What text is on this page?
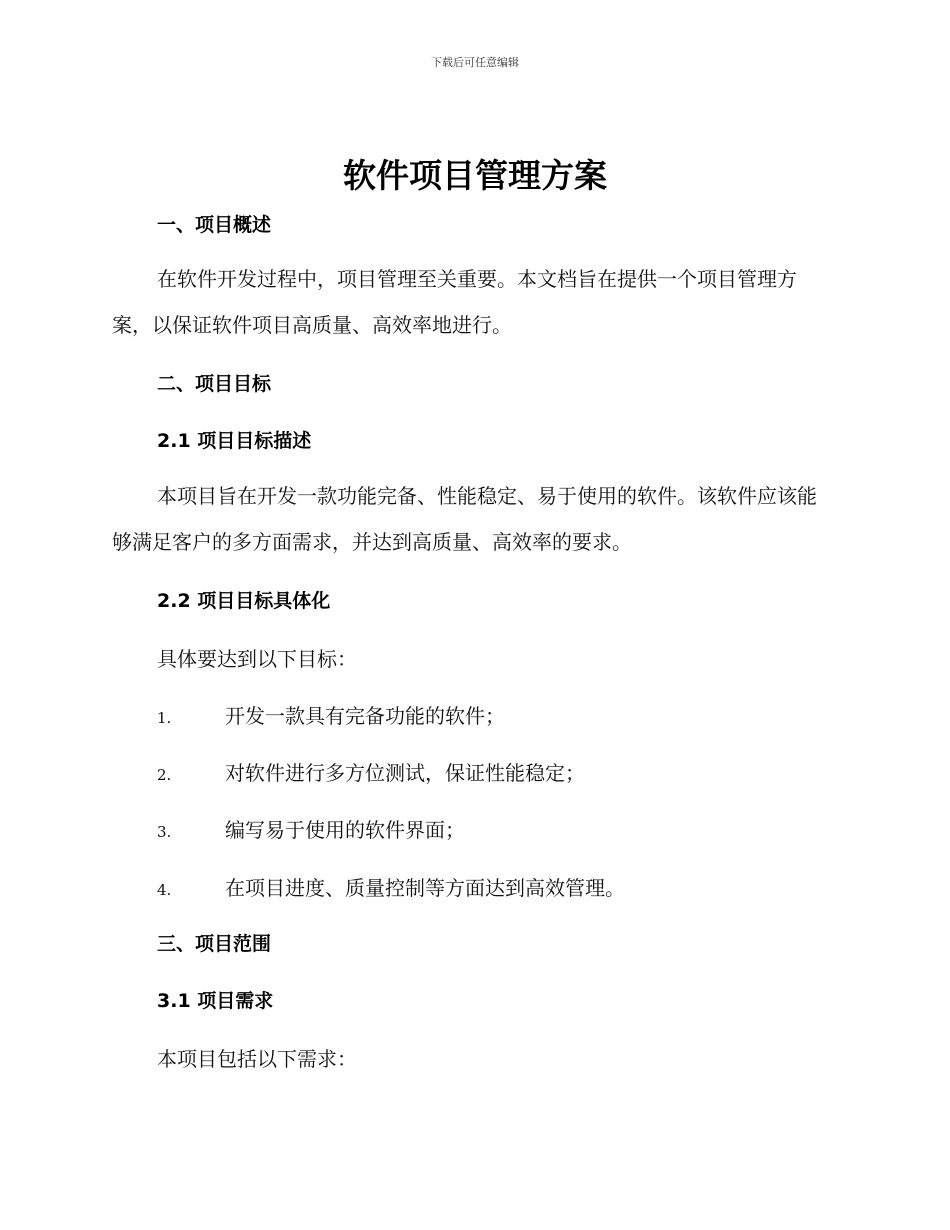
下载后可任意编辑
软件项目管理方案
一、项目概述
在软件开发过程中，项目管理至关重要。本文档旨在提供一个项目管理方案，以保证软件项目高质量、高效率地进行。
二、项目目标
2.1 项目目标描述
本项目旨在开发一款功能完备、性能稳定、易于使用的软件。该软件应该能够满足客户的多方面需求，并达到高质量、高效率的要求。
2.2 项目目标具体化
具体要达到以下目标：
1.	开发一款具有完备功能的软件；
2.	对软件进行多方位测试，保证性能稳定；
3.	编写易于使用的软件界面；
4.	在项目进度、质量控制等方面达到高效管理。
三、项目范围
3.1 项目需求
本项目包括以下需求：
